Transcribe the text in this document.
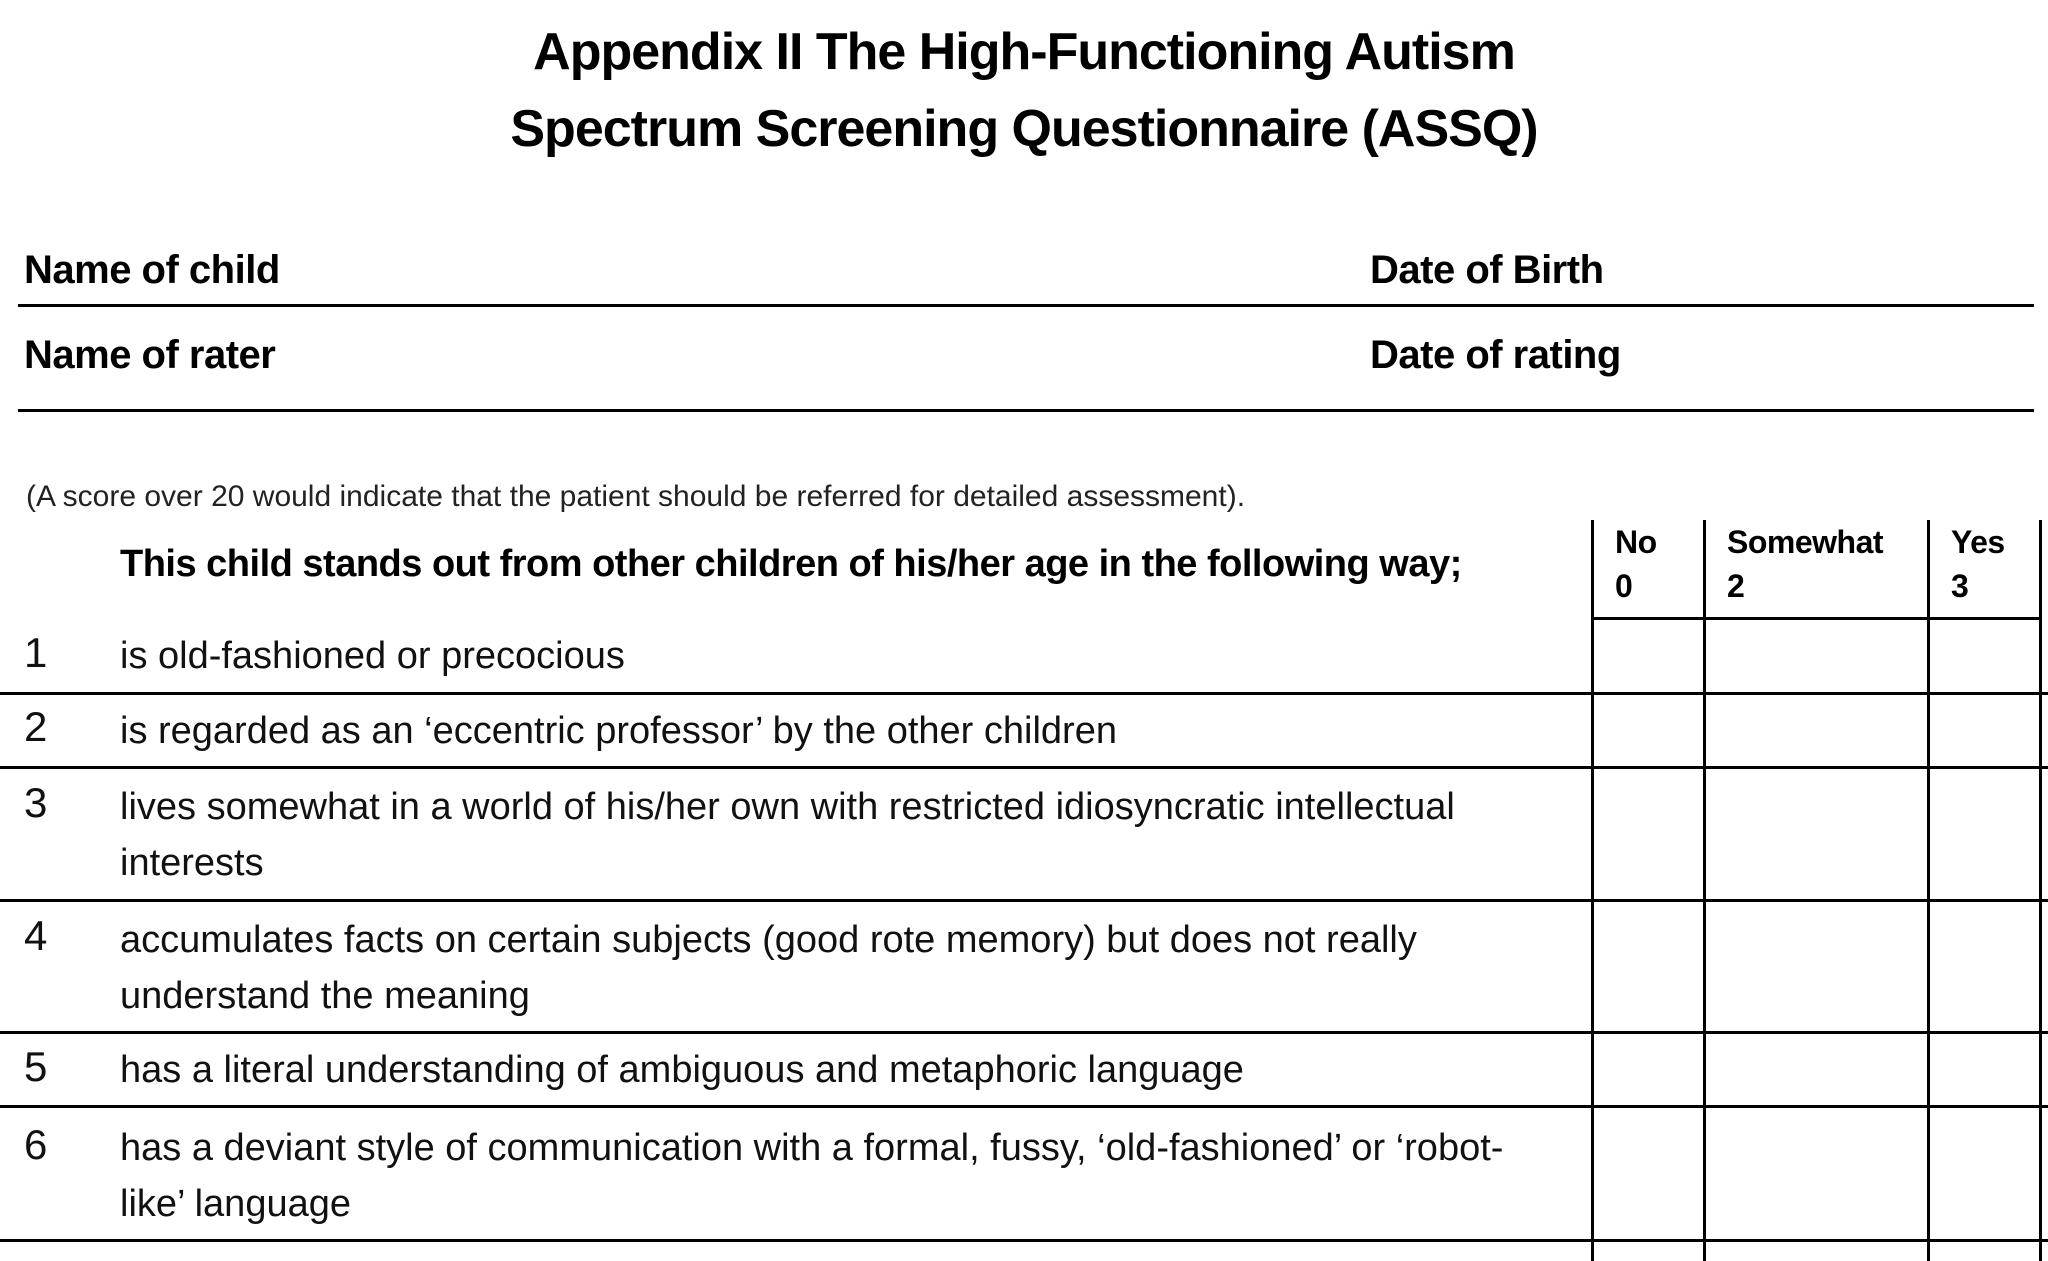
Appendix II The High-Functioning Autism
Spectrum Screening Questionnaire (ASSQ)
Name of child	Date of Birth
Name of rater	Date of rating
(A score over 20 would indicate that the patient should be referred for detailed assessment).
This child stands out from other children of his/her age in the following way;
No
0
Somewhat
2
Yes
3
1 is old-fashioned or precocious
2 is regarded as an ‘eccentric professor’ by the other children
3 lives somewhat in a world of his/her own with restricted idiosyncratic intellectual interests
4 accumulates facts on certain subjects (good rote memory) but does not really understand the meaning
5 has a literal understanding of ambiguous and metaphoric language
6 has a deviant style of communication with a formal, fussy, ‘old-fashioned’ or ‘robot-like’ language
